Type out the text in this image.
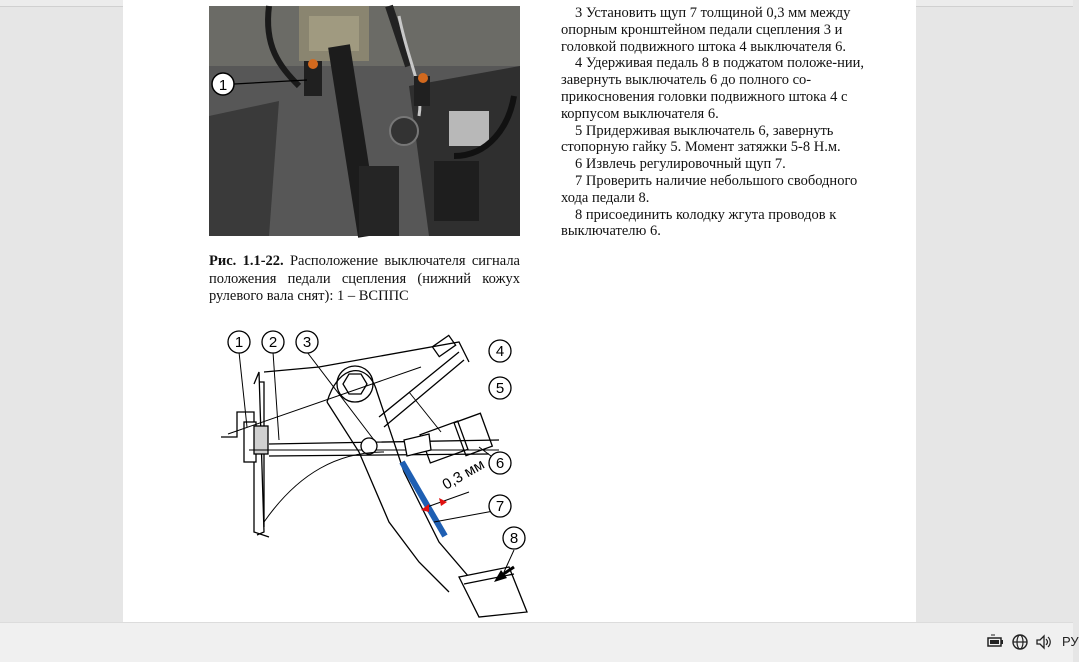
1
Рис. 1.1-22. Расположение выключателя сигнала положения педали сцепления (нижний кожух рулевого вала снят): 1 – ВСППС

3 Установить щуп 7 толщиной 0,3 мм между опорным кронштейном педали сцепления 3 и головкой подвижного штока 4 выключателя 6.

4 Удерживая педаль 8 в поджатом положе-нии, завернуть выключатель 6 до полного со-прикосновения головки подвижного штока 4 с корпусом выключателя 6.

5 Придерживая выключатель 6, завернуть стопорную гайку 5. Момент затяжки 5-8 Н.м.

6 Извлечь регулировочный щуп 7.

7 Проверить наличие небольшого свободного хода педали 8.

8 присоединить колодку жгута проводов к выключателю 6.

0,3 мм
1 2 3
4
5
6
7
8
РУ
